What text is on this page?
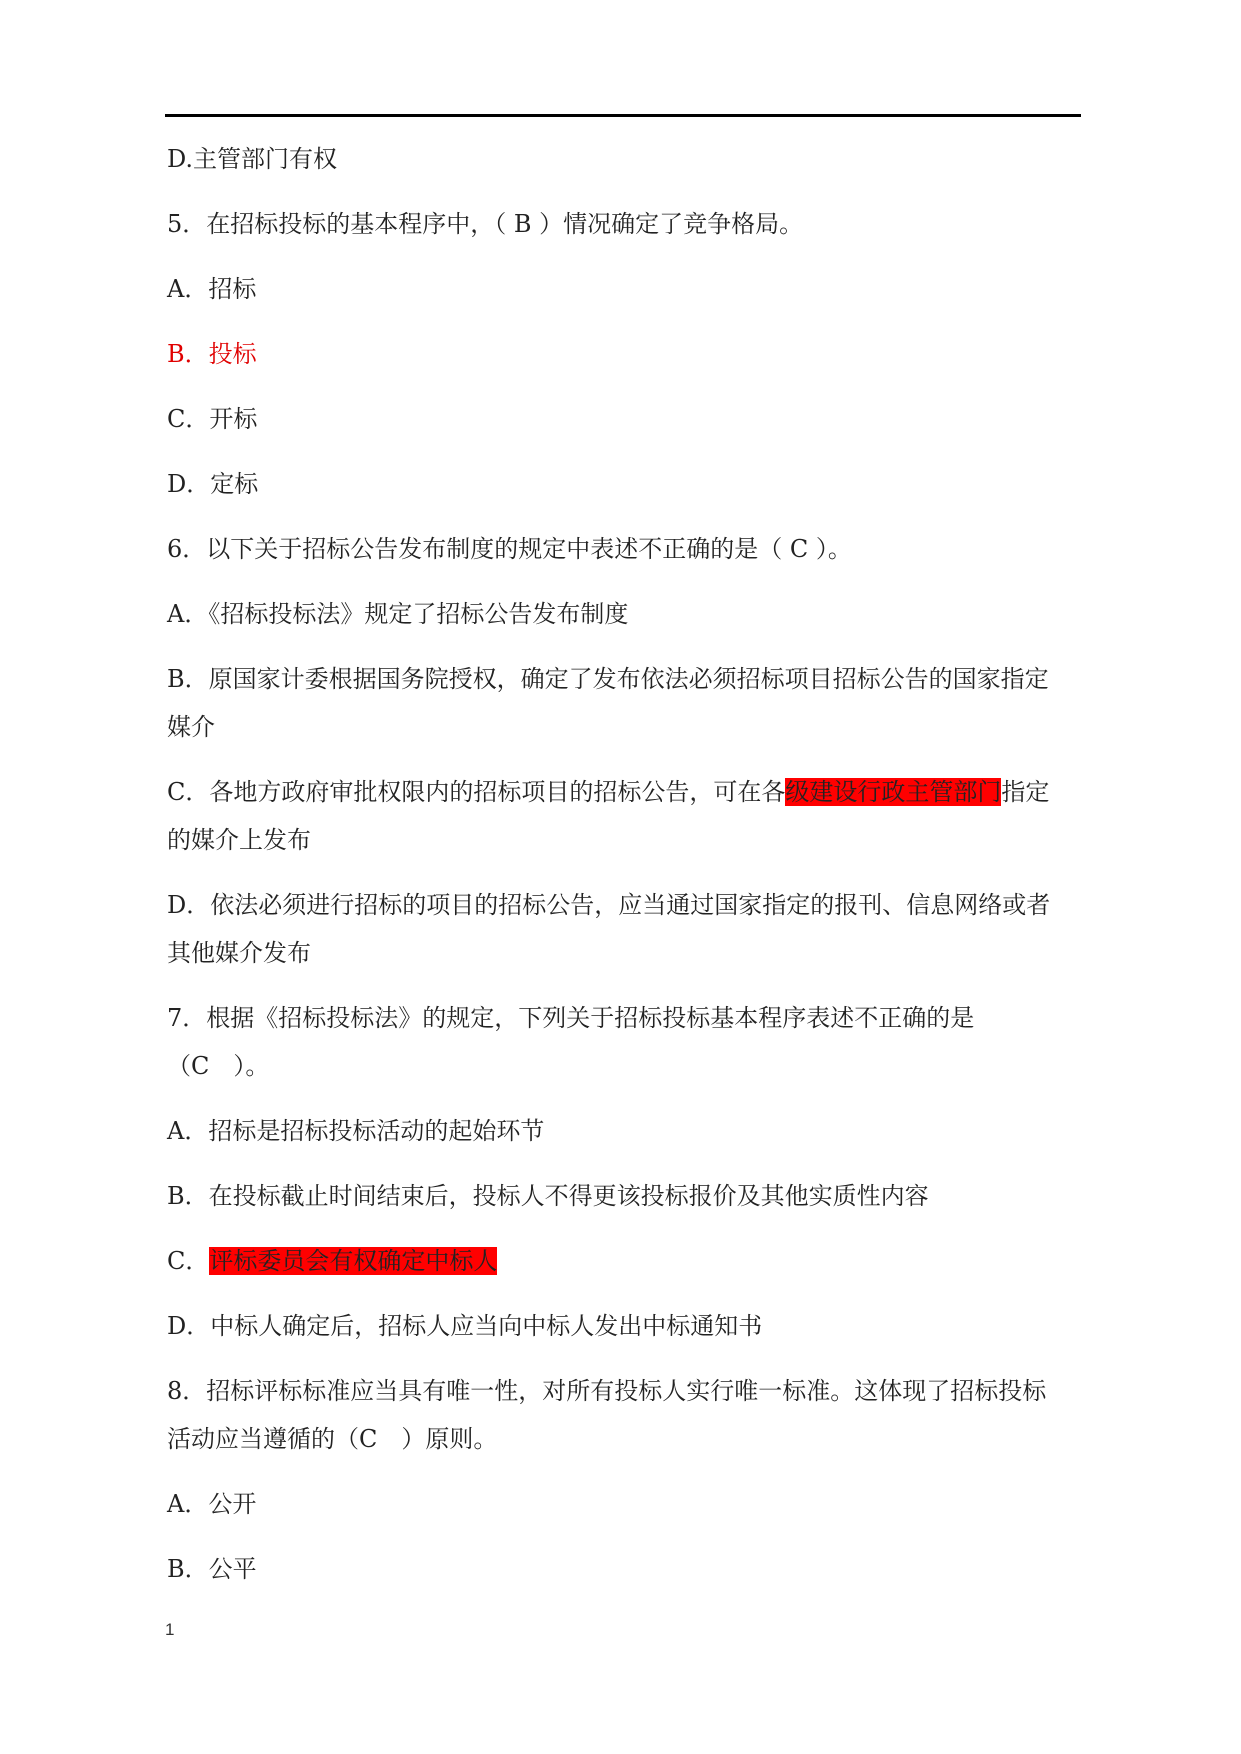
D.主管部门有权
5．在招标投标的基本程序中，（ B ）情况确定了竞争格局。
A．招标
B．投标
C．开标
D．定标
6．以下关于招标公告发布制度的规定中表述不正确的是（ C ）。
A．《招标投标法》规定了招标公告发布制度
B．原国家计委根据国务院授权，确定了发布依法必须招标项目招标公告的国家指定
媒介
C．各地方政府审批权限内的招标项目的招标公告，可在各级建设行政主管部门指定
的媒介上发布
D．依法必须进行招标的项目的招标公告，应当通过国家指定的报刊、信息网络或者
其他媒介发布
7．根据《招标投标法》的规定，下列关于招标投标基本程序表述不正确的是
（C　）。
A．招标是招标投标活动的起始环节
B．在投标截止时间结束后，投标人不得更该投标报价及其他实质性内容
C．评标委员会有权确定中标人
D．中标人确定后，招标人应当向中标人发出中标通知书
8．招标评标标准应当具有唯一性，对所有投标人实行唯一标准。这体现了招标投标
活动应当遵循的（C　）原则。
A．公开
B．公平
1
